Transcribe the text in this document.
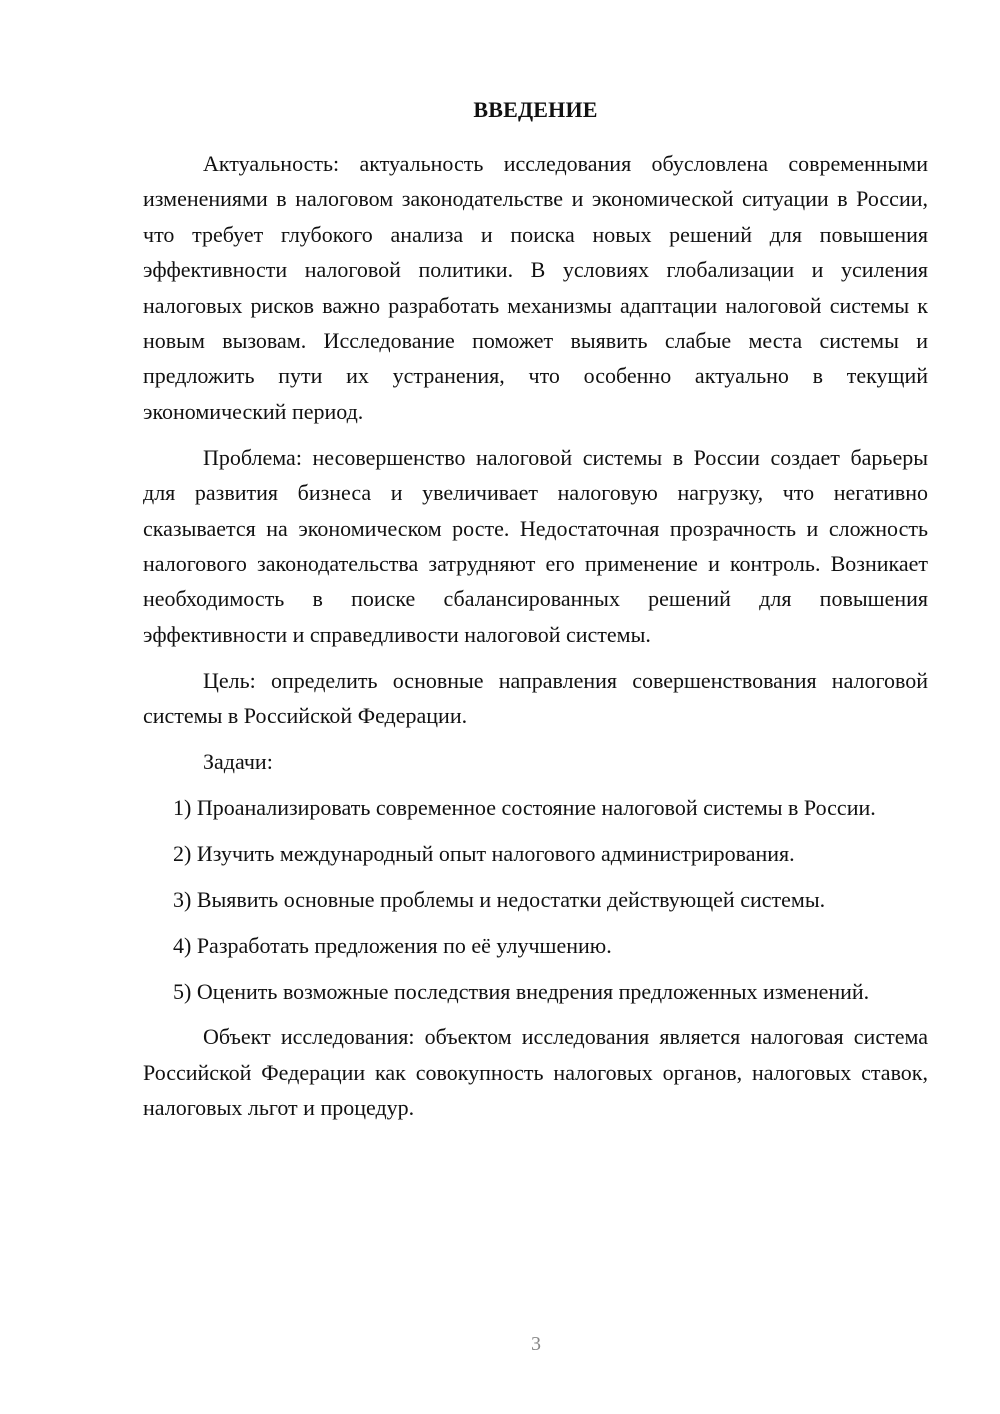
ВВЕДЕНИЕ

Актуальность: актуальность исследования обусловлена современными изменениями в налоговом законодательстве и экономической ситуации в России, что требует глубокого анализа и поиска новых решений для повышения эффективности налоговой политики. В условиях глобализации и усиления налоговых рисков важно разработать механизмы адаптации налоговой системы к новым вызовам. Исследование поможет выявить слабые места системы и предложить пути их устранения, что особенно актуально в текущий экономический период.

Проблема: несовершенство налоговой системы в России создает барьеры для развития бизнеса и увеличивает налоговую нагрузку, что негативно сказывается на экономическом росте. Недостаточная прозрачность и сложность налогового законодательства затрудняют его применение и контроль. Возникает необходимость в поиске сбалансированных решений для повышения эффективности и справедливости налоговой системы.

Цель: определить основные направления совершенствования налоговой системы в Российской Федерации.

Задачи:

1) Проанализировать современное состояние налоговой системы в России.

2) Изучить международный опыт налогового администрирования.

3) Выявить основные проблемы и недостатки действующей системы.

4) Разработать предложения по её улучшению.

5) Оценить возможные последствия внедрения предложенных изменений.

Объект исследования: объектом исследования является налоговая система Российской Федерации как совокупность налоговых органов, налоговых ставок, налоговых льгот и процедур.

3
